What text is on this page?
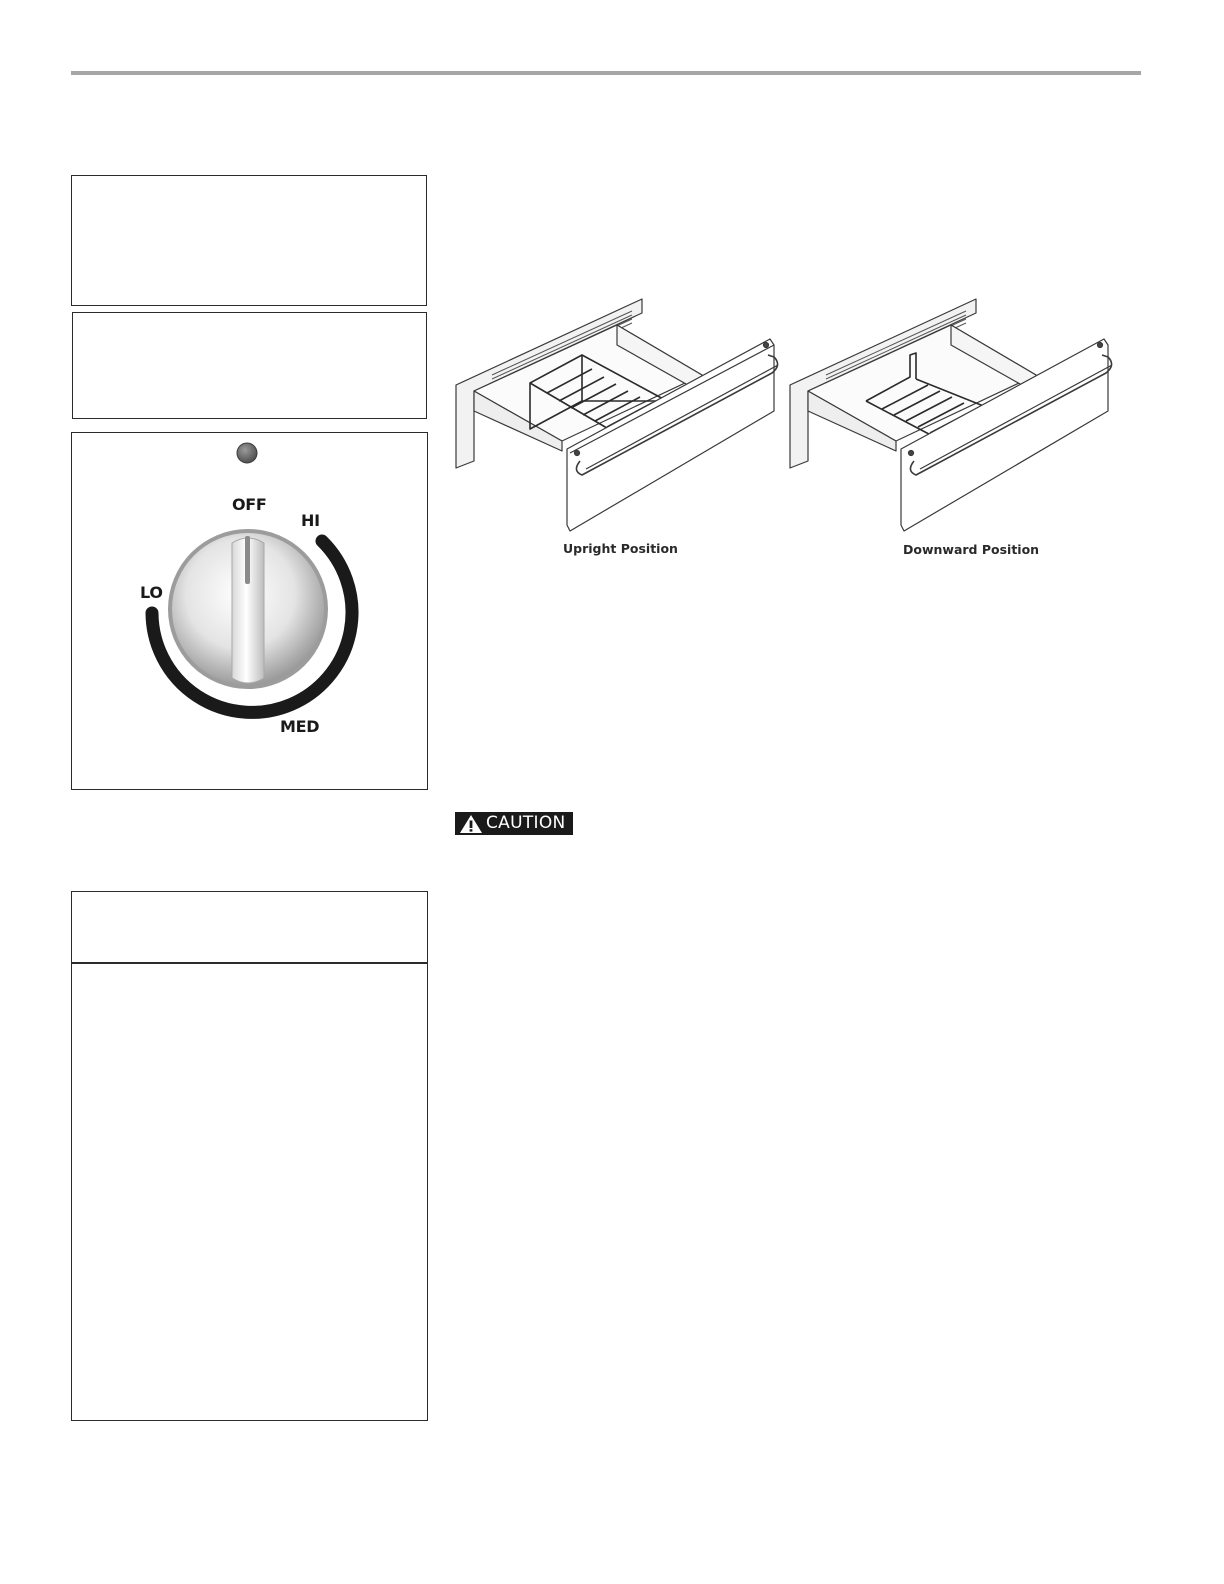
OFF
HI
LO
MED
Upright Position	Downward Position
CAUTION
